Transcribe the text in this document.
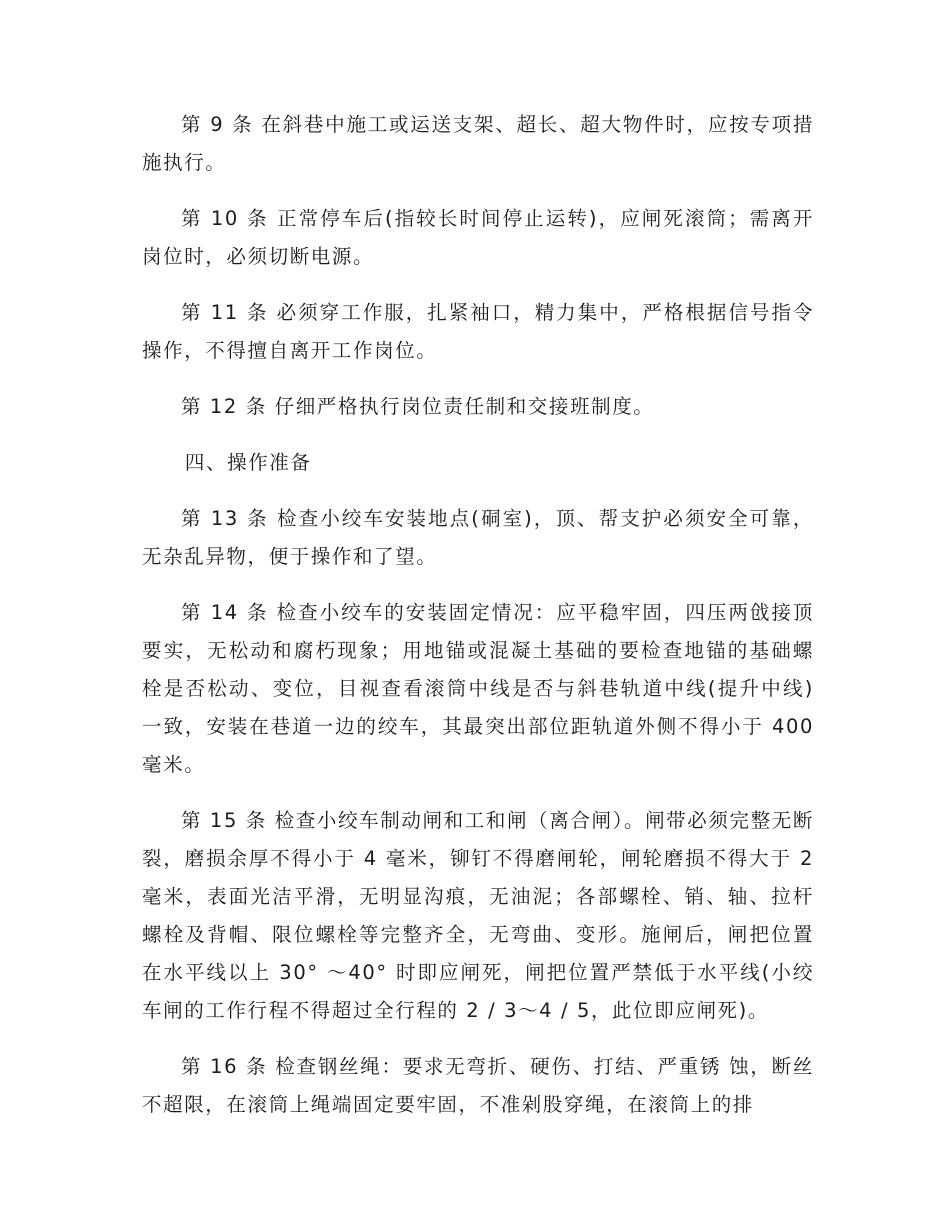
第 9 条 在斜巷中施工或运送支架、超长、超大物件时，应按专项措施执行。

第 10 条 正常停车后(指较长时间停止运转)，应闸死滚筒；需离开岗位时，必须切断电源。

第 11 条 必须穿工作服，扎紧袖口，精力集中，严格根据信号指令操作，不得擅自离开工作岗位。

第 12 条 仔细严格执行岗位责任制和交接班制度。

四、操作准备

第 13 条 检查小绞车安装地点(硐室)，顶、帮支护必须安全可靠，无杂乱异物，便于操作和了望。

第 14 条 检查小绞车的安装固定情况：应平稳牢固，四压两戗接顶要实，无松动和腐朽现象；用地锚或混凝土基础的要检查地锚的基础螺栓是否松动、变位，目视查看滚筒中线是否与斜巷轨道中线(提升中线)一致，安装在巷道一边的绞车，其最突出部位距轨道外侧不得小于 400 毫米。

第 15 条 检查小绞车制动闸和工和闸（离合闸）。闸带必须完整无断裂，磨损余厚不得小于 4 毫米，铆钉不得磨闸轮，闸轮磨损不得大于 2 毫米，表面光洁平滑，无明显沟痕，无油泥；各部螺栓、销、轴、拉杆螺栓及背帽、限位螺栓等完整齐全，无弯曲、变形。施闸后，闸把位置在水平线以上 30° ～40° 时即应闸死，闸把位置严禁低于水平线(小绞车闸的工作行程不得超过全行程的 2 / 3～4 / 5，此位即应闸死)。

第 16 条 检查钢丝绳：要求无弯折、硬伤、打结、严重锈 蚀，断丝不超限，在滚筒上绳端固定要牢固，不准剁股穿绳，在滚筒上的排
